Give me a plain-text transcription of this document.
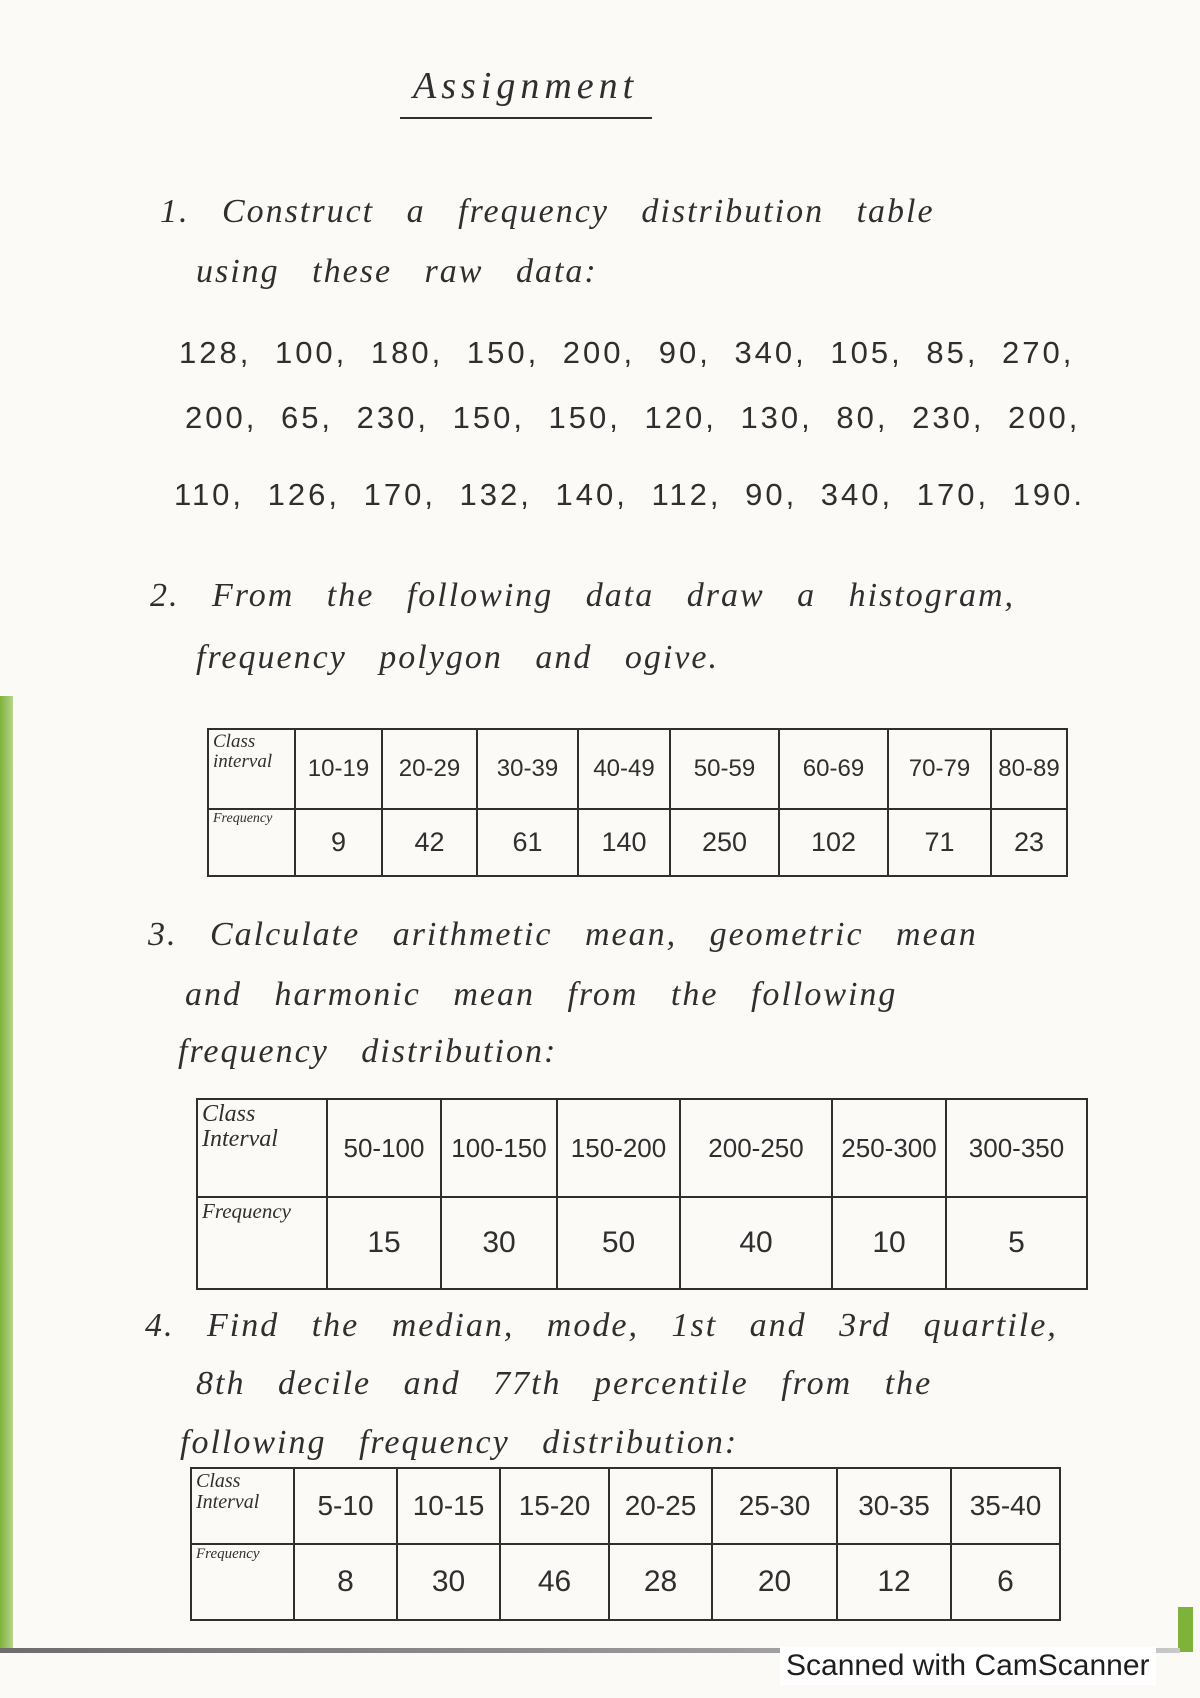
Assignment
1. Construct a frequency distribution table
using these raw data:
128, 100, 180, 150, 200, 90, 340, 105, 85, 270,
200, 65, 230, 150, 150, 120, 130, 80, 230, 200,
110, 126, 170, 132, 140, 112, 90, 340, 170, 190.
2. From the following data draw a histogram,
frequency polygon and ogive.
Class interval	10-19	20-29	30-39	40-49	50-59	60-69	70-79	80-89
Frequency	9	42	61	140	250	102	71	23
3. Calculate arithmetic mean, geometric mean
and harmonic mean from the following
frequency distribution:
Class Interval	50-100	100-150	150-200	200-250	250-300	300-350
Frequency	15	30	50	40	10	5
4. Find the median, mode, 1st and 3rd quartile,
8th decile and 77th percentile from the
following frequency distribution:
Class Interval	5-10	10-15	15-20	20-25	25-30	30-35	35-40
Frequency	8	30	46	28	20	12	6
Scanned with CamScanner
